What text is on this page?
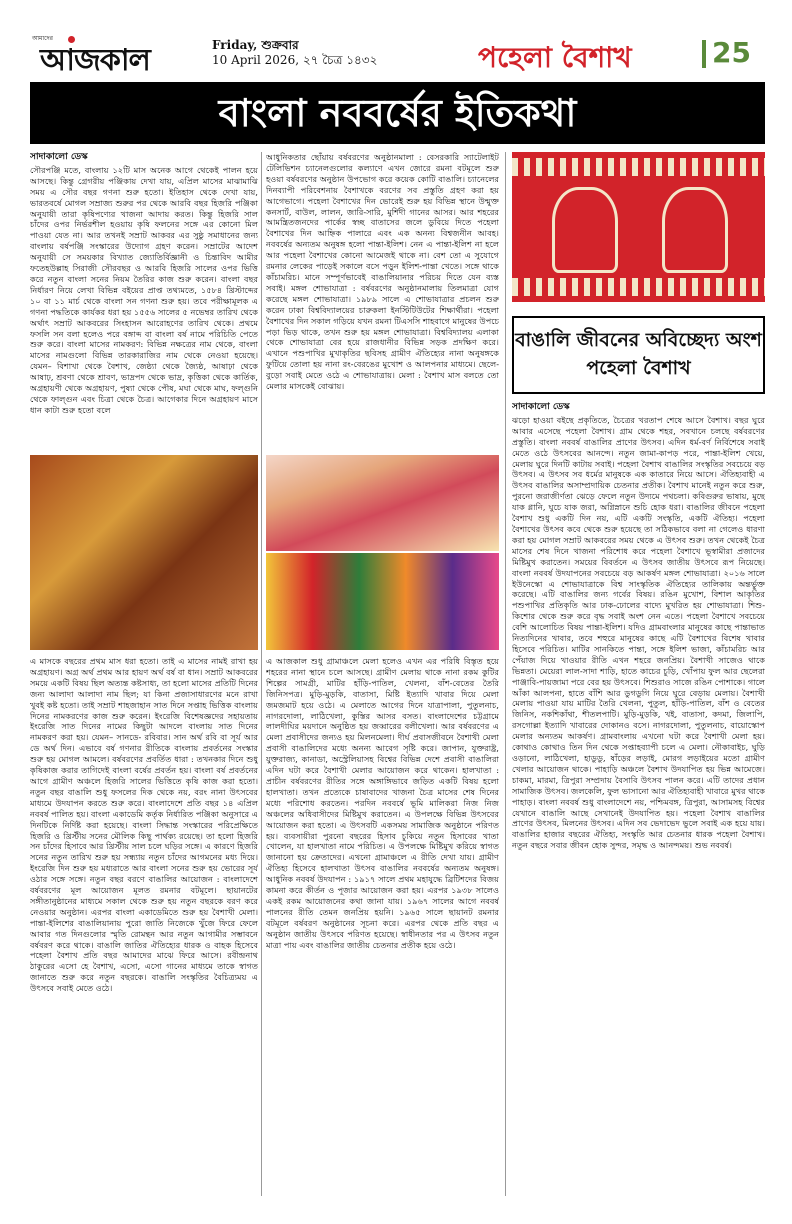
আমাদের
আজকাল	Friday, শুক্রবার
10 April 2026, ২৭ চৈত্র ১৪৩২	পহেলা বৈশাখ	25
বাংলা নববর্ষের ইতিকথা
সাদাকালো ডেস্ক

সৌরপঞ্জি মতে, বাংলায় ১২টি মাস অনেক আগে থেকেই পালন হয়ে আসছে। কিন্তু গ্রেগরীয় পঞ্জিকায় দেখা যায়, এপ্রিল মাসের মাঝামাঝি সময় এ সৌর বছর গণনা শুরু হতো। ইতিহাস থেকে দেখা যায়, ভারতবর্ষে মোগল সম্রাজ্য শুরুর পর থেকে আরবি বছর হিজরি পঞ্জিকা অনুযায়ী তারা কৃষিপণ্যের খাজনা আদায় করত। কিন্তু হিজরি সাল চাঁদের ওপর নির্ভরশীল হওয়ায় কৃষি ফলনের সঙ্গে এর কোনো মিল পাওয়া যেত না। আর তখনই সম্রাট আকবর এর সুষ্ঠু সমাধানের জন্য বাংলায় বর্ষপঞ্জি সংস্কারের উদ্যোগ গ্রহণ করেন। সম্রাটের আদেশ অনুযায়ী সে সময়কার বিখ্যাত জ্যোতির্বিজ্ঞানী ও চিন্তাবিদ আমীর ফতেহউল্লাহ সিরাজী সৌরবছর ও আরবি হিজরি সালের ওপর ভিত্তি করে নতুন বাংলা সনের নিয়ম তৈরির কাজ শুরু করেন। বাংলা বছর নির্ধারণ নিয়ে লেখা বিভিন্ন বইয়ের প্রাপ্ত তথ্যমতে, ১৫৮৪ খ্রিস্টাব্দের ১০ বা ১১ মার্চ থেকে বাংলা সন গণনা শুরু হয়। তবে পরীক্ষামূলক এ গণনা পদ্ধতিকে কার্যকর ধরা হয় ১৫৫৬ সালের ৫ নভেম্বর তারিখ থেকে অর্থাৎ সম্রাট আকবরের সিংহাসন আরোহণের তারিখ থেকে। প্রথমে ফসলি সন বলা হলেও পরে বঙ্গাব্দ বা বাংলা বর্ষ নামে পরিচিতি পেতে শুরু করে। বাংলা মাসের নামকরণ: বিভিন্ন নক্ষত্রের নাম থেকে, বাংলা মাসের নামগুলো বিভিন্ন তারকারাজির নাম থেকে নেওয়া হয়েছে। যেমন– বিশাখা থেকে বৈশাখ, জেষ্ঠ্যা থেকে জ্যৈষ্ঠ, আষাঢ়া থেকে আষাঢ়, শ্রবণা থেকে শ্রাবণ, ভাদ্রপদ থেকে ভাদ্র, কৃত্তিকা থেকে কার্তিক, অগ্রহায়ণী থেকে অগ্রহায়ণ, পুষ্যা থেকে পৌষ, মঘা থেকে মাঘ, ফল্গুনি থেকে ফাল্গুন এবং চিত্রা থেকে চৈত্র। আগেকার দিনে অগ্রহায়ণ মাসে ধান কাটা শুরু হতো বলে

আধুনিকতার ছোঁয়ায় বর্ষবরণের অনুষ্ঠানমালা : বেসরকারি স্যাটেলাইট টেলিভিশন চ্যানেলগুলোর কল্যাণে এখন জোরে রমনা বটমূলে শুরু হওয়া বর্ষবরণের অনুষ্ঠান উপভোগ করে কয়েক কোটি বাঙালি। চ্যানেলের দিনব্যাপী পরিবেশনায় বৈশাখকে বরণের সব প্রস্তুতি গ্রহণ করা হয় আগেভাগে। পহেলা বৈশাখের দিন ভোরেই শুরু হয় বিভিন্ন স্থানে উন্মুক্ত কনসার্ট, বাউল, লালন, জারি-সারি, মুর্শিদী গানের আসর। আর শহরের আমন্ত্রিতজনদের পার্কের স্বচ্ছ বাতাসের জলে ডুবিয়ে দিতে পহেলা বৈশাখের দিন আহ্নিক পালারে এবং এক অনন্য বিশ্বজনীন আবহ। নববর্ষের অন্যতম অনুষঙ্গ হলো পান্তা-ইলিশ। নেন এ পান্তা-ইলিশ না হলে আর পহেলা বৈশাখের কোনো আমেজই থাকে না। বেশ তো এ সুযোগে রমনার লেকের পাড়েই সকালে বসে পড়ুন ইলিশ-পান্তা খেতে। সঙ্গে থাকে কাঁচামরিচ। মানে সম্পূর্ণভাবেই বাঙালিয়ানার পরিচয় দিতে যেন ব্যস্ত সবাই। মঙ্গল শোভাযাত্রা : বর্ষবরণের অনুষ্ঠানমালায় তিলমাত্রা যোগ করেছে মঙ্গল শোভাযাত্রা। ১৯৮৯ সালে এ শোভাযাত্রার প্রচলন শুরু করেন ঢাকা বিশ্ববিদ্যালয়ের চারুকলা ইনস্টিটিউটের শিক্ষার্থীরা। পহেলা বৈশাখের দিন সকাল গড়িয়ে যখন রমনা টিএসসি শাহবাগে মানুষের উপচে পড়া ভিড় থাকে, তখন শুরু হয় মঙ্গল শোভাযাত্রা। বিশ্ববিদ্যালয় এলাকা থেকে শোভাযাত্রা বের হয়ে রাজধানীর বিভিন্ন সড়ক প্রদক্ষিণ করে। এখানে পশুপাখির মুখাকৃতির ছবিসহ গ্রামীণ ঐতিহ্যের নানা অনুষঙ্গকে ফুটিয়ে তোলা হয় নানা রং-বেরঙের মুখোশ ও আলপনার মাধ্যমে। ছেলে-বুড়ো সবাই মেতে ওঠে এ শোভাযাত্রায়। মেলা : বৈশাখ মাস বলতে তো মেলার মাসকেই বোঝায়।

এ মাসকে বছরের প্রথম মাস ধরা হতো। তাই এ মাসের নামই রাখা হয় অগ্রহায়ণ। অগ্র অর্থ প্রথম আর হায়ণ অর্থ বর্ষ বা ধান। সম্রাট আকবরের সময়ে একটি বিষয় ছিল অত্যন্ত কষ্টসাধ্য, তা হলো মাসের প্রতিটি দিনের জন্য আলাদা আলাদা নাম ছিল; যা কিনা প্রজাসাধারণের মনে রাখা খুবই কষ্ট হতো। তাই সম্রাট শাহজাহান সাত দিনে সপ্তাহ ভিত্তিক বাংলায় দিনের নামকরণের কাজ শুরু করেন। ইংরেজি বিশেষজ্ঞদের সহায়তায় ইংরেজি সাত দিনের নামের কিছুটা আদলে বাংলায় সাত দিনের নামকরণ করা হয়। যেমন– সানডে- রবিবার। সান অর্থ রবি বা সূর্য আর ডে অর্থ দিন। এভাবে বর্ষ গণনার রীতিকে বাংলায় প্রবর্তনের সংস্কার শুরু হয় মোগল আমলে। বর্ষবরণের প্রবর্তিত ধারা : তখনকার দিনে শুধু কৃষিকাজ করার তাগিদেই বাংলা বর্ষের প্রবর্তন হয়। বাংলা বর্ষ প্রবর্তনের আগে গ্রামীণ অঞ্চলে হিজরি সালের ভিত্তিতে কৃষি কাজ করা হতো। নতুন বছর বাঙালি শুধু ফসলের দিক থেকে নয়, বরং নানা উৎসবের মাধ্যমে উদযাপন করতে শুরু করে। বাংলাদেশে প্রতি বছর ১৪ এপ্রিল নববর্ষ পালিত হয়। বাংলা একাডেমি কর্তৃক নির্ধারিত পঞ্জিকা অনুসারে এ দিনটিকে নির্দিষ্ট করা হয়েছে। বাংলা সিদ্ধান্ত সংস্কারের পরিপ্রেক্ষিতে হিজরি ও খ্রিস্টীয় সনের মৌলিক কিছু পার্থক্য রয়েছে। তা হলো হিজরি সন চাঁদের হিসাবে আর খ্রিস্টীয় সাল চলে ঘড়ির সঙ্গে। এ কারণে হিজরি সনের নতুন তারিখ শুরু হয় সন্ধ্যায় নতুন চাঁদের আগমনের মধ্য দিয়ে। ইংরেজি দিন শুরু হয় মধ্যরাতে আর বাংলা সনের শুরু হয় ভোরের সূর্য ওঠার সঙ্গে সঙ্গে। নতুন বছর বরণে বাঙালির আয়োজন : বাংলাদেশে বর্ষবরণের মূল আয়োজন মূলত রমনার বটমূলে। ছায়ানটের সঙ্গীতানুষ্ঠানের মাধ্যমে সকাল থেকে শুরু হয় নতুন বছরকে বরণ করে নেওয়ার অনুষ্ঠান। এরপর বাংলা একাডেমিতে শুরু হয় বৈশাখী মেলা। পান্তা-ইলিশের বাঙালিয়ানায় পুরো জাতি নিজেকে খুঁজে ফিরে ফেলে আবার গত দিনগুলোর স্মৃতি রোমন্থন আর নতুন আগামীর সম্ভাবনে বর্ষবরণ করে থাকে। বাঙালি জাতির ঐতিহ্যের ধারক ও বাহক হিসেবে পহেলা বৈশাখ প্রতি বছর আমাদের মাঝে ফিরে আসে। রবীন্দ্রনাথ ঠাকুরের এসো হে বৈশাখ, এসো, এসো গানের মাধ্যমে তাকে স্বাগত জানাতে শুরু করে নতুন বছরকে। বাঙালি সংস্কৃতির বৈচিত্র্যময় এ উৎসবে সবাই মেতে ওঠে।

এ আজকাল শুধু গ্রামাঞ্চলে মেলা হলেও এখন এর পরিধি বিস্তৃত হয়ে শহরের নানা স্থানে চলে আসছে। গ্রামীণ মেলায় থাকে নানা রকম কুটির শিল্পের সামগ্রী, মাটির হাঁড়ি-পাতিল, খেলনা, বাঁশ-বেতের তৈরি জিনিসপত্র। মুড়ি-মুড়কি, বাতাসা, মিষ্টি ইত্যাদি খাবার দিয়ে মেলা জমজমাট হয়ে ওঠে। এ মেলাতে আগের দিনে যাত্রাপালা, পুতুলনাচ, নাগরদোলা, লাঠিখেলা, কুস্তির আসর বসত। বাংলাদেশের চট্টগ্রামে লালদীঘির ময়দানে অনুষ্ঠিত হয় জব্বারের বলীখেলা। আর বর্ষবরণের এ মেলা প্রবাসীদের জন্যও হয় মিলনমেলা। দীর্ঘ প্রবাসজীবনে বৈশাখী মেলা প্রবাসী বাঙালিদের মধ্যে অনন্য আবেগ সৃষ্টি করে। জাপান, যুক্তরাষ্ট্র, যুক্তরাজ্য, কানাডা, অস্ট্রেলিয়াসহ বিশ্বের বিভিন্ন দেশে প্রবাসী বাঙালিরা এদিন ঘটা করে বৈশাখী মেলার আয়োজন করে থাকেন। হালখাতা : প্রাচীন বর্ষবরণের রীতির সঙ্গে অঙ্গাঙ্গিভাবে জড়িত একটি বিষয় হলো হালখাতা। তখন প্রত্যেকে চাষাবাদের খাজনা চৈত্র মাসের শেষ দিনের মধ্যে পরিশোধ করতেন। পরদিন নববর্ষে ভূমি মালিকরা নিজ নিজ অঞ্চলের অধিবাসীদের মিষ্টিমুখ করাতেন। এ উপলক্ষে বিভিন্ন উৎসবের আয়োজন করা হতো। এ উৎসবটি একসময় সামাজিক অনুষ্ঠানে পরিণত হয়। ব্যবসায়ীরা পুরনো বছরের হিসাব চুকিয়ে নতুন হিসাবের খাতা খোলেন, যা হালখাতা নামে পরিচিত। এ উপলক্ষে মিষ্টিমুখ করিয়ে স্বাগত জানানো হয় ক্রেতাদের। এখনো গ্রামাঞ্চলে এ রীতি দেখা যায়। গ্রামীণ ঐতিহ্য হিসেবে হালখাতা উৎসব বাঙালির নববর্ষের অন্যতম অনুষঙ্গ। আধুনিক নববর্ষ উদযাপন : ১৯১৭ সালে প্রথম মহাযুদ্ধে ব্রিটিশদের বিজয় কামনা করে কীর্তন ও পূজার আয়োজন করা হয়। এরপর ১৯৩৮ সালেও একই রকম আয়োজনের কথা জানা যায়। ১৯৬৭ সালের আগে নববর্ষ পালনের রীতি তেমন জনপ্রিয় হয়নি। ১৯৬৫ সালে ছায়ানট রমনার বটমূলে বর্ষবরণ অনুষ্ঠানের সূচনা করে। এরপর থেকে প্রতি বছর এ অনুষ্ঠান জাতীয় উৎসবে পরিণত হয়েছে। স্বাধীনতার পর এ উৎসব নতুন মাত্রা পায় এবং বাঙালির জাতীয় চেতনার প্রতীক হয়ে ওঠে।

বাঙালি জীবনের অবিচ্ছেদ্য অংশ পহেলা বৈশাখ
সাদাকালো ডেস্ক

ঝড়ো হাওয়া বইছে প্রকৃতিতে, চৈত্রের খরতাপ শেষে আসে বৈশাখ। বছর ঘুরে আবার এসেছে পহেলা বৈশাখ। গ্রাম থেকে শহর, সবখানে চলছে বর্ষবরণের প্রস্তুতি। বাংলা নববর্ষ বাঙালির প্রাণের উৎসব। এদিন ধর্ম-বর্ণ নির্বিশেষে সবাই মেতে ওঠে উৎসবের আনন্দে। নতুন জামা-কাপড় পরে, পান্তা-ইলিশ খেয়ে, মেলায় ঘুরে দিনটি কাটায় সবাই। পহেলা বৈশাখ বাঙালির সংস্কৃতির সবচেয়ে বড় উৎসব। এ উৎসব সব ধর্মের মানুষকে এক কাতারে নিয়ে আসে। ঐতিহ্যবাহী এ উৎসব বাঙালির অসাম্প্রদায়িক চেতনার প্রতীক। বৈশাখ মানেই নতুন করে শুরু, পুরনো জরাজীর্ণতা ঝেড়ে ফেলে নতুন উদ্যমে পথচলা। কবিগুরুর ভাষায়, মুছে যাক গ্লানি, ঘুচে যাক জরা, অগ্নিস্নানে শুচি হোক ধরা। বাঙালির জীবনে পহেলা বৈশাখ শুধু একটি দিন নয়, এটি একটি সংস্কৃতি, একটি ঐতিহ্য। পহেলা বৈশাখের উৎসব কবে থেকে শুরু হয়েছে তা সঠিকভাবে বলা না গেলেও ধারণা করা হয় মোগল সম্রাট আকবরের সময় থেকে এ উৎসব শুরু। তখন থেকেই চৈত্র মাসের শেষ দিনে খাজনা পরিশোধ করে পহেলা বৈশাখে ভূস্বামীরা প্রজাদের মিষ্টিমুখ করাতেন। সময়ের বিবর্তনে এ উৎসব জাতীয় উৎসবে রূপ নিয়েছে। বাংলা নববর্ষ উদযাপনের সবচেয়ে বড় আকর্ষণ মঙ্গল শোভাযাত্রা। ২০১৬ সালে ইউনেস্কো এ শোভাযাত্রাকে বিশ্ব সাংস্কৃতিক ঐতিহ্যের তালিকায় অন্তর্ভুক্ত করেছে। এটি বাঙালির জন্য গর্বের বিষয়। রঙিন মুখোশ, বিশাল আকৃতির পশুপাখির প্রতিকৃতি আর ঢাক-ঢোলের বাদ্যে মুখরিত হয় শোভাযাত্রা। শিশু-কিশোর থেকে শুরু করে বৃদ্ধ সবাই অংশ নেন এতে। পহেলা বৈশাখে সবচেয়ে বেশি আলোচিত বিষয় পান্তা-ইলিশ। যদিও গ্রামবাংলার মানুষের কাছে পান্তাভাত নিত্যদিনের খাবার, তবে শহুরে মানুষের কাছে এটি বৈশাখের বিশেষ খাবার হিসেবে পরিচিত। মাটির সানকিতে পান্তা, সঙ্গে ইলিশ ভাজা, কাঁচামরিচ আর পেঁয়াজ দিয়ে খাওয়ার রীতি এখন শহরে জনপ্রিয়। বৈশাখী সাজেও থাকে ভিন্নতা। মেয়েরা লাল-সাদা শাড়ি, হাতে কাচের চুড়ি, খোঁপায় ফুল আর ছেলেরা পাঞ্জাবি-পায়জামা পরে বের হয় উৎসবে। শিশুরাও সাজে রঙিন পোশাকে। গালে আঁকা আলপনা, হাতে বাঁশি আর ডুগডুগি নিয়ে ঘুরে বেড়ায় মেলায়। বৈশাখী মেলায় পাওয়া যায় মাটির তৈরি খেলনা, পুতুল, হাঁড়ি-পাতিল, বাঁশ ও বেতের জিনিস, নকশিকাঁথা, শীতলপাটি। মুড়ি-মুড়কি, খই, বাতাসা, কদমা, জিলাপি, রসগোল্লা ইত্যাদি খাবারের দোকানও বসে। নাগরদোলা, পুতুলনাচ, বায়োস্কোপ মেলার অন্যতম আকর্ষণ। গ্রামবাংলায় এখনো ঘটা করে বৈশাখী মেলা হয়। কোথাও কোথাও তিন দিন থেকে সপ্তাহব্যাপী চলে এ মেলা। নৌকাবাইচ, ঘুড়ি ওড়ানো, লাঠিখেলা, হাডুডু, ষাঁড়ের লড়াই, মোরগ লড়াইয়ের মতো গ্রামীণ খেলার আয়োজন থাকে। পাহাড়ি অঞ্চলে বৈশাখ উদযাপিত হয় ভিন্ন আমেজে। চাকমা, মারমা, ত্রিপুরা সম্প্রদায় বৈসাবি উৎসব পালন করে। এটি তাদের প্রধান সামাজিক উৎসব। জলকেলি, ফুল ভাসানো আর ঐতিহ্যবাহী খাবারে মুখর থাকে পাহাড়। বাংলা নববর্ষ শুধু বাংলাদেশে নয়, পশ্চিমবঙ্গ, ত্রিপুরা, আসামসহ বিশ্বের যেখানে বাঙালি আছে সেখানেই উদযাপিত হয়। পহেলা বৈশাখ বাঙালির প্রাণের উৎসব, মিলনের উৎসব। এদিন সব ভেদাভেদ ভুলে সবাই এক হয়ে যায়। বাঙালির হাজার বছরের ঐতিহ্য, সংস্কৃতি আর চেতনার ধারক পহেলা বৈশাখ। নতুন বছরে সবার জীবন হোক সুন্দর, সমৃদ্ধ ও আনন্দময়। শুভ নববর্ষ।
